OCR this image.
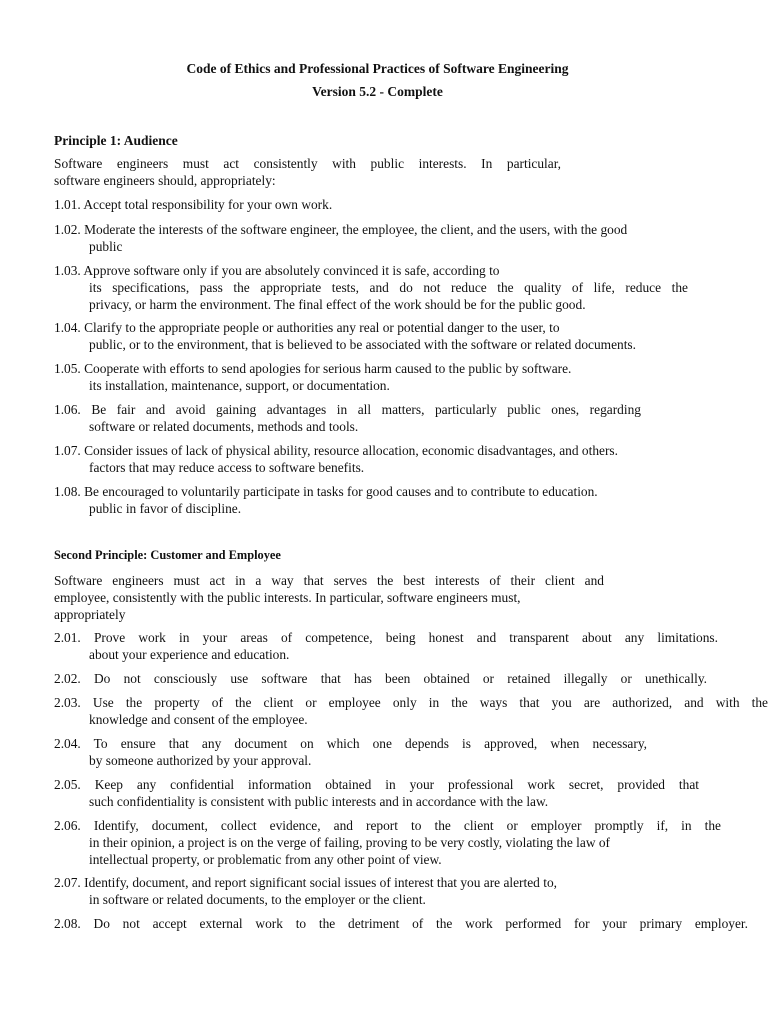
Code of Ethics and Professional Practices of Software Engineering
Version 5.2 - Complete
Principle 1: Audience
Software engineers must act consistently with public interests. In particular,
software engineers should, appropriately:
1.01. Accept total responsibility for your own work.
1.02. Moderate the interests of the software engineer, the employee, the client, and the users, with the good
public
1.03. Approve software only if you are absolutely convinced it is safe, according to
its specifications, pass the appropriate tests, and do not reduce the quality of life, reduce the
privacy, or harm the environment. The final effect of the work should be for the public good.
1.04. Clarify to the appropriate people or authorities any real or potential danger to the user, to
public, or to the environment, that is believed to be associated with the software or related documents.
1.05. Cooperate with efforts to send apologies for serious harm caused to the public by software.
its installation, maintenance, support, or documentation.
1.06. Be fair and avoid gaining advantages in all matters, particularly public ones, regarding
software or related documents, methods and tools.
1.07. Consider issues of lack of physical ability, resource allocation, economic disadvantages, and others.
factors that may reduce access to software benefits.
1.08. Be encouraged to voluntarily participate in tasks for good causes and to contribute to education.
public in favor of discipline.
Second Principle: Customer and Employee
Software engineers must act in a way that serves the best interests of their client and
employee, consistently with the public interests. In particular, software engineers must,
appropriately
2.01. Prove work in your areas of competence, being honest and transparent about any limitations.
about your experience and education.
2.02. Do not consciously use software that has been obtained or retained illegally or unethically.
2.03. Use the property of the client or employee only in the ways that you are authorized, and with the
knowledge and consent of the employee.
2.04. To ensure that any document on which one depends is approved, when necessary,
by someone authorized by your approval.
2.05. Keep any confidential information obtained in your professional work secret, provided that
such confidentiality is consistent with public interests and in accordance with the law.
2.06. Identify, document, collect evidence, and report to the client or employer promptly if, in the
in their opinion, a project is on the verge of failing, proving to be very costly, violating the law of
intellectual property, or problematic from any other point of view.
2.07. Identify, document, and report significant social issues of interest that you are alerted to,
in software or related documents, to the employer or the client.
2.08. Do not accept external work to the detriment of the work performed for your primary employer.
